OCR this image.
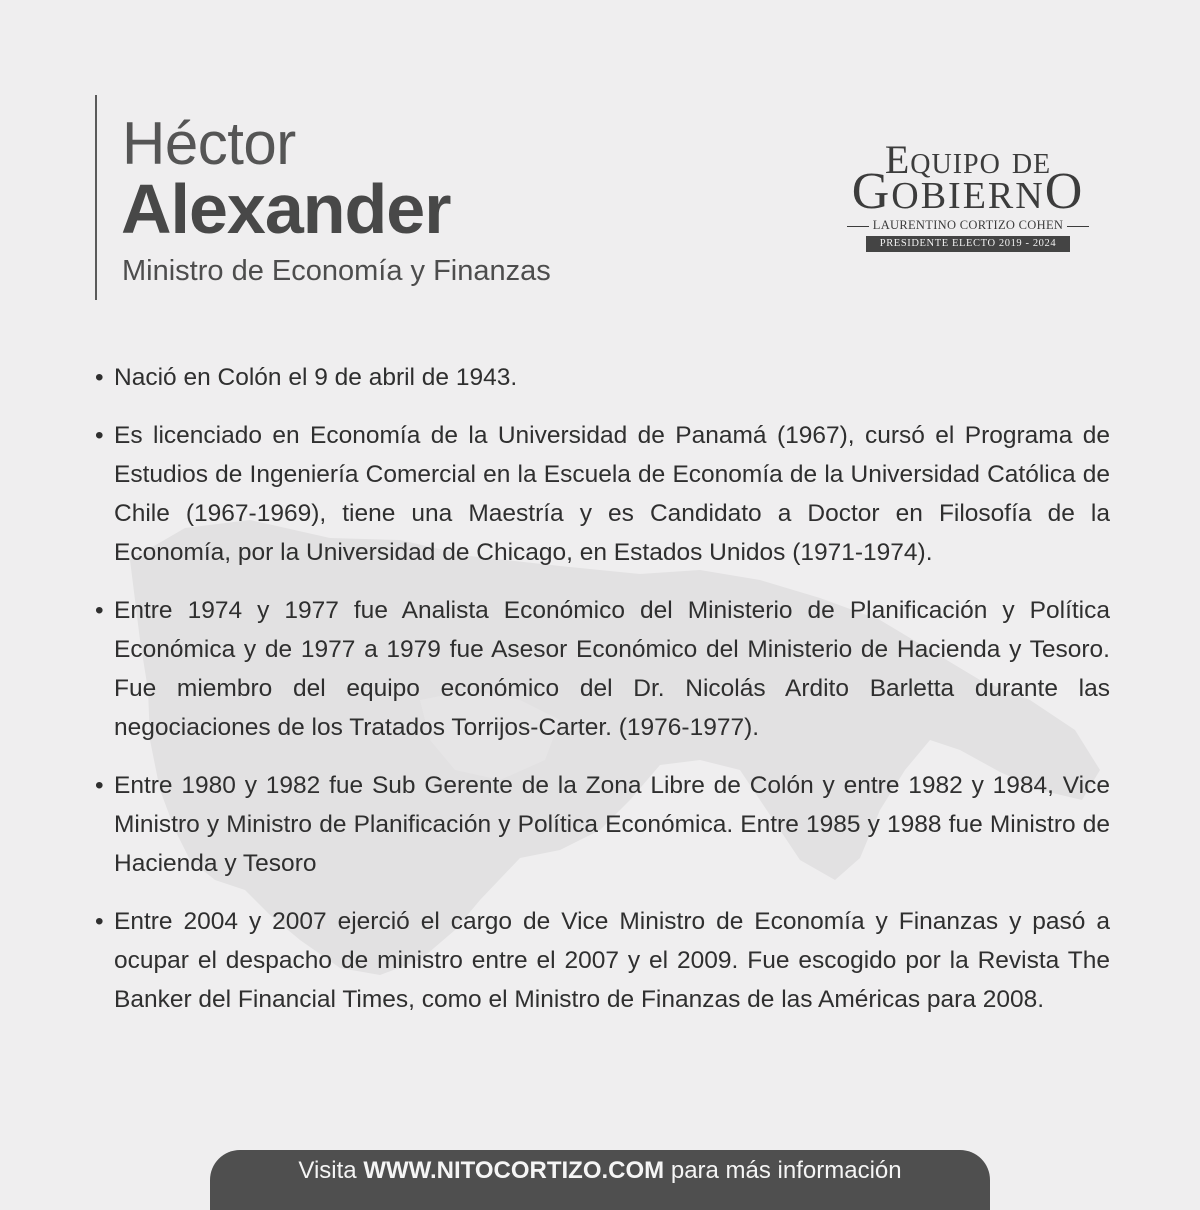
Héctor
Alexander
Ministro de Economía y Finanzas
EQUIPO DE
GOBIERNO
LAURENTINO CORTIZO COHEN
PRESIDENTE ELECTO 2019 - 2024
• Nació en Colón el 9 de abril de 1943.
• Es licenciado en Economía de la Universidad de Panamá (1967), cursó el Programa de Estudios de Ingeniería Comercial en la Escuela de Economía de la Universidad Católica de Chile (1967-1969), tiene una Maestría y es Candidato a Doctor en Filosofía de la Economía, por la Universidad de Chicago, en Estados Unidos (1971-1974).
• Entre 1974 y 1977 fue Analista Económico del Ministerio de Planificación y Política Económica y de 1977 a 1979 fue Asesor Económico del Ministerio de Hacienda y Tesoro. Fue miembro del equipo económico del Dr. Nicolás Ardito Barletta durante las negociaciones de los Tratados Torrijos-Carter. (1976-1977).
• Entre 1980 y 1982 fue Sub Gerente de la Zona Libre de Colón y entre 1982 y 1984, Vice Ministro y Ministro de Planificación y Política Económica. Entre 1985 y 1988 fue Ministro de Hacienda y Tesoro
• Entre 2004 y 2007 ejerció el cargo de Vice Ministro de Economía y Finanzas y pasó a ocupar el despacho de ministro entre el 2007 y el 2009. Fue escogido por la Revista The Banker del Financial Times, como el Ministro de Finanzas de las Américas para 2008.
Visita WWW.NITOCORTIZO.COM para más información
